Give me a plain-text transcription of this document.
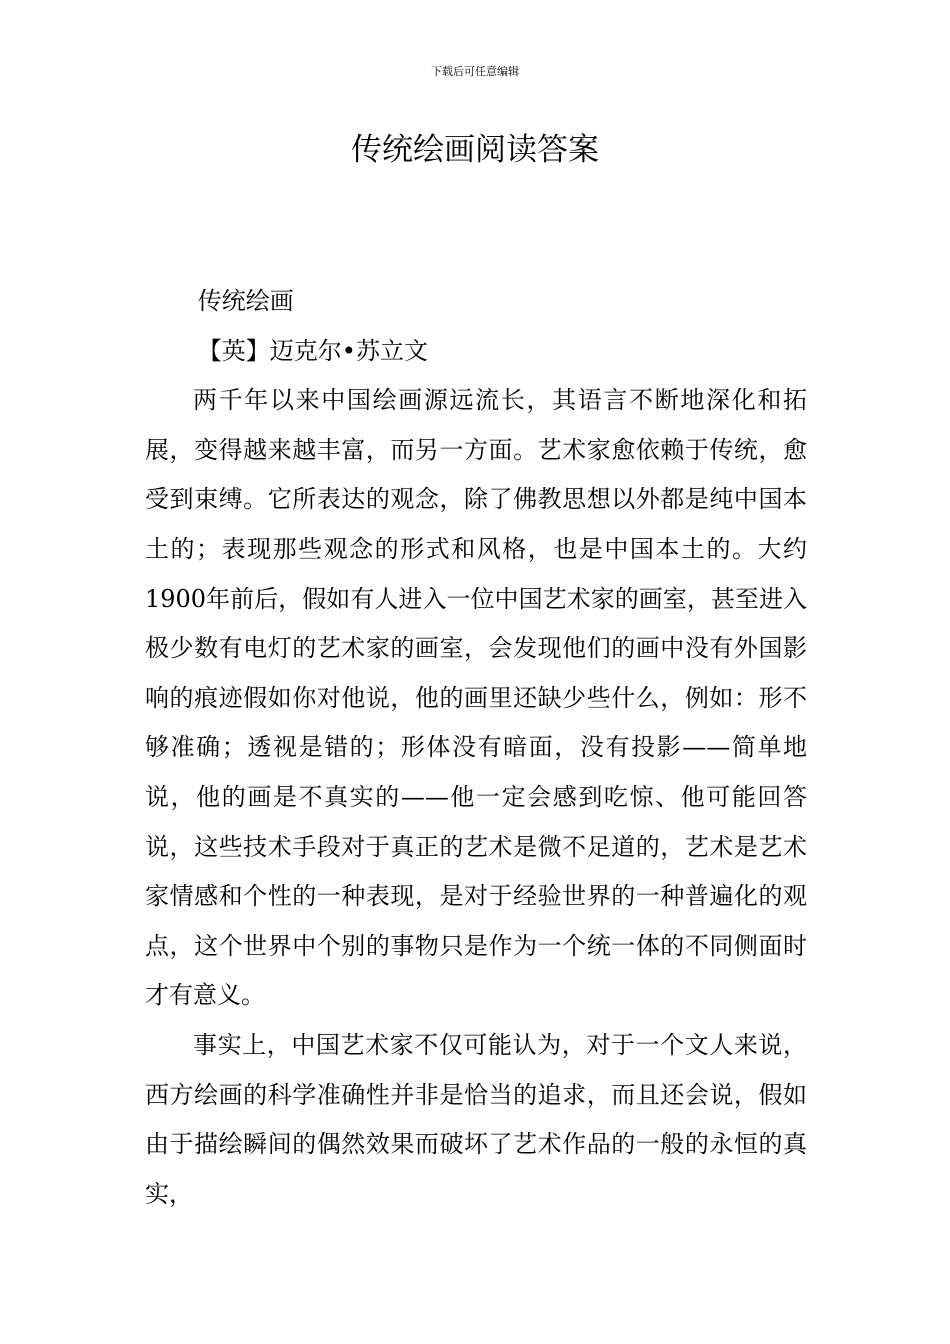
下载后可任意编辑
传统绘画阅读答案

传统绘画

【英】迈克尔•苏立文

两千年以来中国绘画源远流长，其语言不断地深化和拓展，变得越来越丰富，而另一方面。艺术家愈依赖于传统，愈受到束缚。它所表达的观念，除了佛教思想以外都是纯中国本土的；表现那些观念的形式和风格，也是中国本土的。大约1900年前后，假如有人进入一位中国艺术家的画室，甚至进入极少数有电灯的艺术家的画室，会发现他们的画中没有外国影响的痕迹假如你对他说，他的画里还缺少些什么，例如：形不够准确；透视是错的；形体没有暗面，没有投影——简单地说，他的画是不真实的——他一定会感到吃惊、他可能回答说，这些技术手段对于真正的艺术是微不足道的，艺术是艺术家情感和个性的一种表现，是对于经验世界的一种普遍化的观点，这个世界中个别的事物只是作为一个统一体的不同侧面时才有意义。

事实上，中国艺术家不仅可能认为，对于一个文人来说，西方绘画的科学准确性并非是恰当的追求，而且还会说，假如由于描绘瞬间的偶然效果而破坏了艺术作品的一般的永恒的真实，
